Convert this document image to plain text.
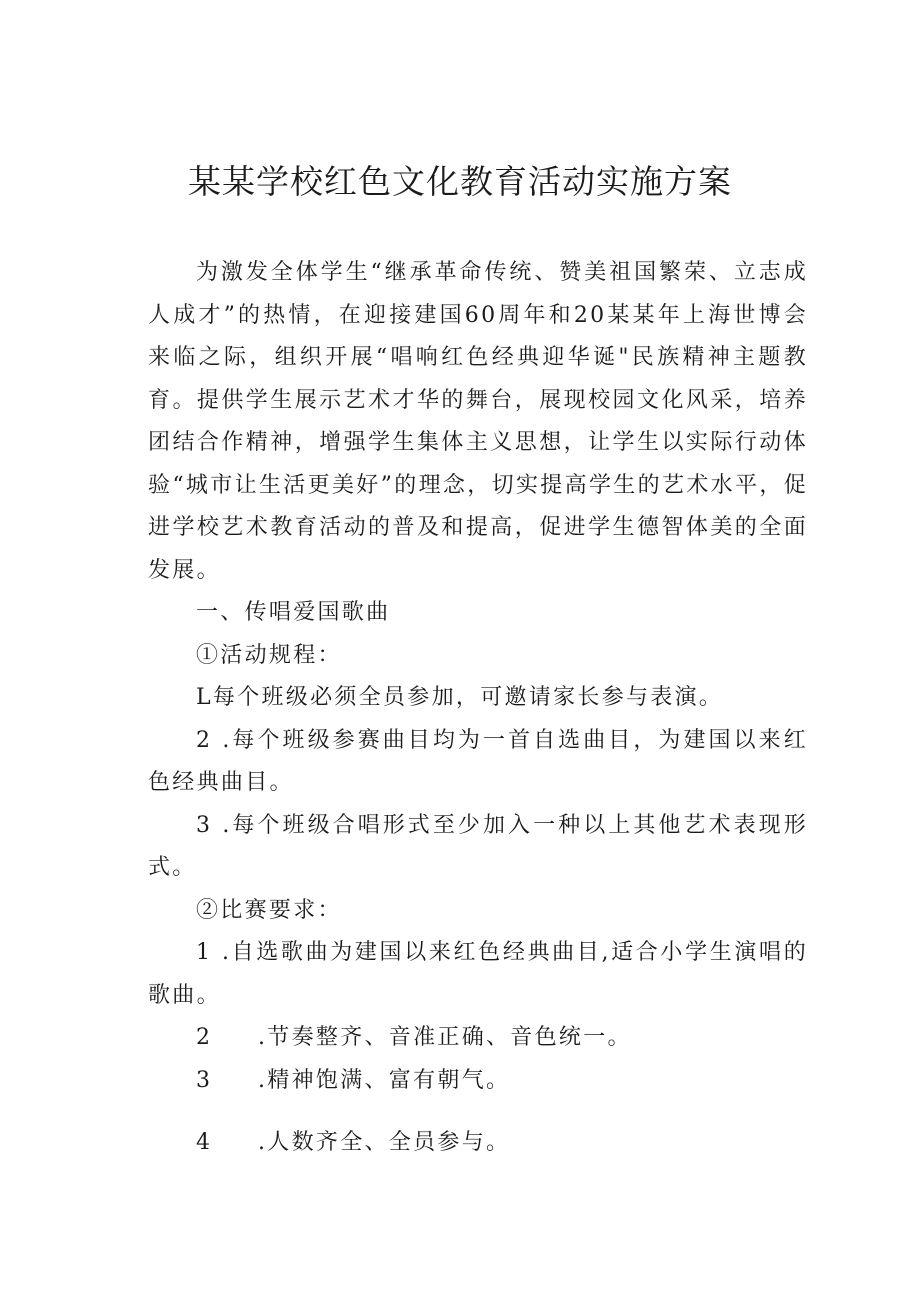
某某学校红色文化教育活动实施方案

为激发全体学生“继承革命传统、赞美祖国繁荣、立志成人成才”的热情，在迎接建国60周年和20某某年上海世博会来临之际，组织开展“唱响红色经典迎华诞"民族精神主题教育。提供学生展示艺术才华的舞台，展现校园文化风采，培养团结合作精神，增强学生集体主义思想，让学生以实际行动体验“城市让生活更美好”的理念，切实提高学生的艺术水平，促进学校艺术教育活动的普及和提高，促进学生德智体美的全面发展。

一、传唱爱国歌曲

①活动规程：

L每个班级必须全员参加，可邀请家长参与表演。

2 .每个班级参赛曲目均为一首自选曲目，为建国以来红色经典曲目。

3 .每个班级合唱形式至少加入一种以上其他艺术表现形式。

②比赛要求：

1 .自选歌曲为建国以来红色经典曲目,适合小学生演唱的歌曲。

2 .节奏整齐、音准正确、音色统一。

3 .精神饱满、富有朝气。

4 .人数齐全、全员参与。
